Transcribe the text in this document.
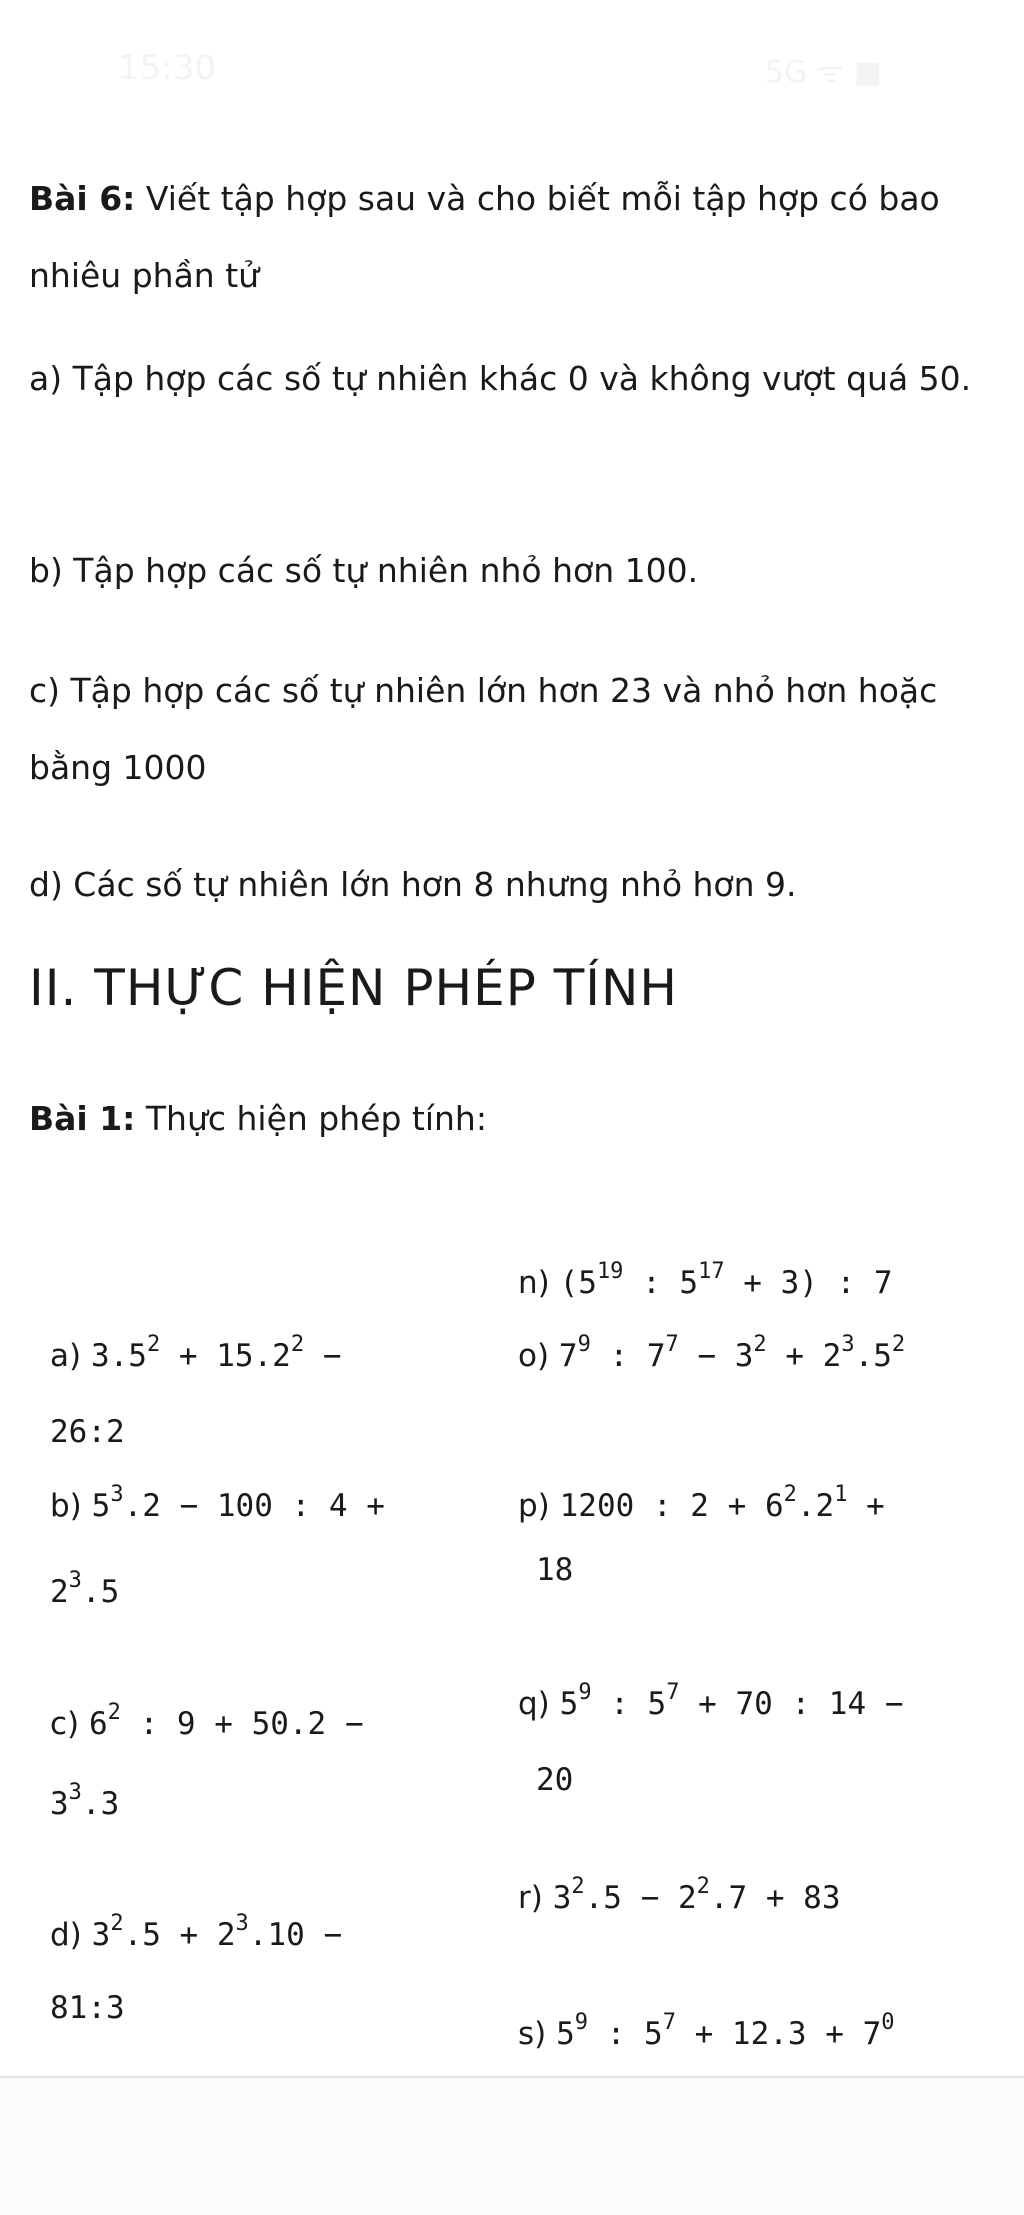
15:30	5G ᯤ ■

Bài 6: Viết tập hợp sau và cho biết mỗi tập hợp có bao nhiêu phần tử

a) Tập hợp các số tự nhiên khác 0 và không vượt quá 50.

b) Tập hợp các số tự nhiên nhỏ hơn 100.

c) Tập hợp các số tự nhiên lớn hơn 23 và nhỏ hơn hoặc bằng 1000

d) Các số tự nhiên lớn hơn 8 nhưng nhỏ hơn 9.

II. THỰC HIỆN PHÉP TÍNH

Bài 1: Thực hiện phép tính:

a) $3.5^2 + 15.2^2$ −
26:2
b) $5^3.2 - 100$ : 4 +
$2^3.5$
c) $6^2$ : 9 + 50.2 −
$3^3.3$
d) $3^2.5 + 2^3.10$ −
81:3
n) ($5^{19}$ : $5^{17} + 3$) : 7
o) $7^9$ : $7^7 - 3^2 + 2^3.5^2$
p) 1200 : $2 + 6^2.2^1$ +
18
q) $5^9$ : $5^7 + 70$ : 14 −
20
r) $3^2.5 - 2^2.7 + 83$
s) $5^9$ : $5^7 + 12.3 + 7^0$
